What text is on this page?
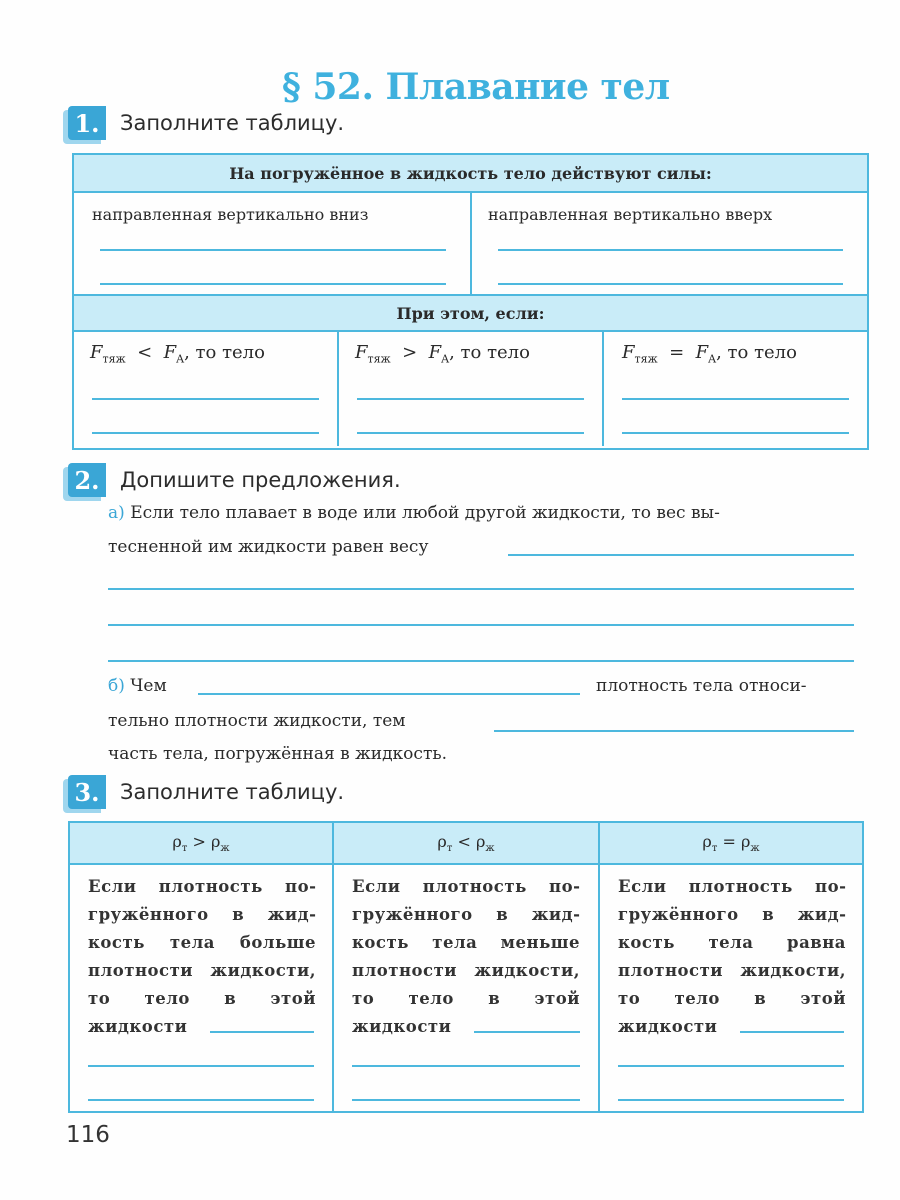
§ 52. Плавание тел
1. Заполните таблицу.
На погружённое в жидкость тело действуют силы:
направленная вертикально вниз	направленная вертикально вверх
При этом, если:
$F_{тяж} < F_A$, то тело	$F_{тяж} > F_A$, то тело	$F_{тяж} = F_A$, то тело
2. Допишите предложения.
а) Если тело плавает в воде или любой другой жидкости, то вес вы-
тесненной им жидкости равен весу
б) Чем	плотность тела относи-
тельно плотности жидкости, тем
часть тела, погружённая в жидкость.
3. Заполните таблицу.
$\rho_т > \rho_ж$	$\rho_т < \rho_ж$	$\rho_т = \rho_ж$
Если плотность погружённого в жидкость тела больше плотности жидкости, то тело в этой жидкости
Если плотность погружённого в жидкость тела меньше плотности жидкости, то тело в этой жидкости
Если плотность погружённого в жидкость тела равна плотности жидкости, то тело в этой жидкости
116
